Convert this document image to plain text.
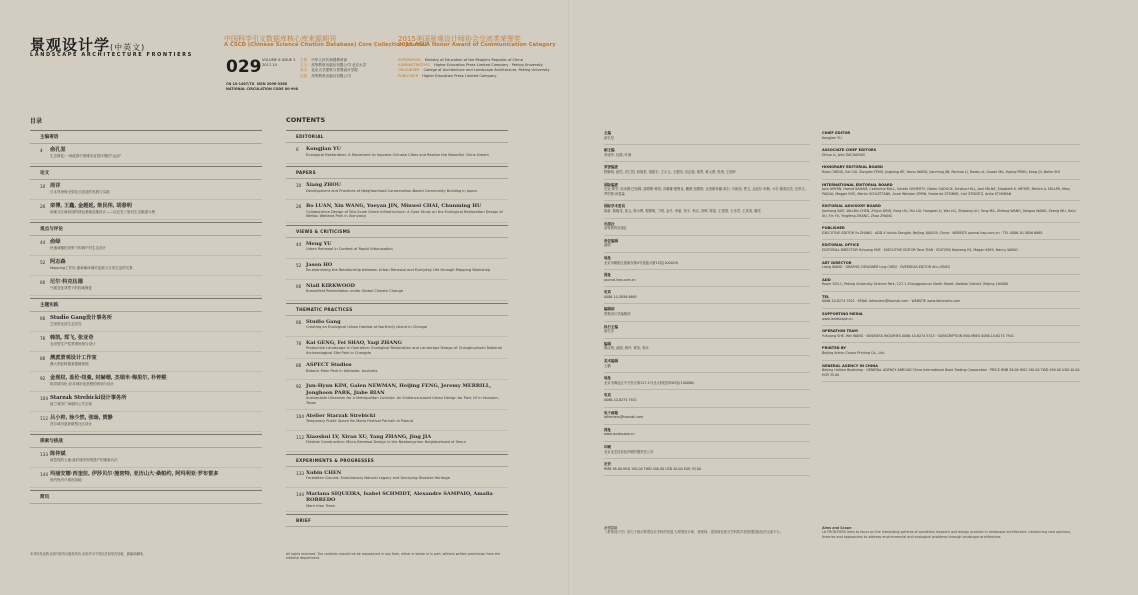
景观设计学(中英文)
LANDSCAPE ARCHITECTURE FRONTIERS
中国科学引文数据库核心库来源期刊
A CSCD (Chinese Science Citation Database) Core Collection Journal
2015美国景观设计师协会交流类荣誉奖
2015 ASLA Honor Award of Communication Category
029 VOLUME 6 ISSUE 5
2017.10
CN 10-1467/TU ISSN 2096-336X
NATIONAL CIRCULATION CODE 80-998
主管 中华人民共和国教育部
主办 高等教育出版社有限公司 北京大学
承办 北京大学建筑与景观设计学院
出版 高等教育出版社有限公司
SUPERVISOR Ministry of Education of the People's Republic of China
ADMINISTRATORS Higher Education Press Limited Company · Peking University
ORGANIZER College of Architecture and Landscape Architecture, Peking University
PUBLISHER Higher Education Press Limited Company
目录	CONTENTS
主编寄语
4 俞孔坚
生态修复:一场改善中国城市宜居环境的“运动”
论文
10 周详
日本邻里保全型社区营造的发展与实践
26 栾博, 王鑫, 金越延, 柴民伟, 胡春明
场地与区域协同的绿色基础设施设计——以迁安三里河生态廊道为例
观点与评论
44 俞绿
快速城镇化背景下的城中村生态设计
52 阿志森
Mapping工作坊:重新解读城市更新与日常生活的关系
60 尼尔·科克伍德
气候变化背景下的棕地修复
主题实践
66 Studio Gang设计事务所
芝加哥北部生态浮岛
76 韩凯, 郑飞, 张亚奇
农田型生产性景观规划与设计
86 澳派景观设计工作室
澳大利亚阿德莱德植物园
92 金现权, 盖伦·纽曼, 封赫珊, 杰瑞米·梅里尔, 朴钟熙
防洪城市化:应对城市化进程的规划与设计
104 Starzak Strebicki设计事务所
波兰城市广场临时公共空间
112 吕小帅, 徐少然, 张旸, 贾静
首尔城市更新微型社区设计
探索与挑战
133 陈仲斌
被忽视的土地:战后城市规划遗产的重新认识
144 玛丽安娜·西奎拉, 伊莎贝尔·施密特, 亚历山大·桑帕约, 阿玛利亚·罗布雷多
里约热内卢城市绿地
简讯
EDITORIAL
6 Kongjian YU
Ecological Restoration: A Movement to Improve Chinese Cities and Realize the Beautiful China Dream
PAPERS
10 Xiang ZHOU
Development and Practices of Neighborhood Conservation-Based Community Building in Japan
26 Bo LUAN, Xin WANG, Yueyan JIN, Minwei CHAI, Chunming HU
Collaborative Design of Site-Scale Green Infrastructure: A Case Study on the Ecological Restoration Design of Weitou Wetland Park in Xianyang
VIEWS & CRITICISMS
44 Meng YU
Urban Renewal in Context of Rapid Urbanization
52 Jason HO
Re-examining the Relationship between Urban Renewal and Everyday Life through Mapping Workshop
60 Niall KIRKWOOD
Brownfield Remediation under Global Climate Change
THEMATIC PRACTICES
66 Studio Gang
Creating an Ecological Urban Habitat at Northerly Island in Chicago
76 Kai GENG, Fei SHAO, Yaqi ZHANG
Productive Landscape in Operation: Ecological Restoration and Landscape Design of Changbuzhuan National Archaeological Site Park in Changde
86 ASPECT Studios
Botanic Main Park in Adelaide, Australia
92 Jun-Hyun KIM, Galen NEWMAN, Heijing FENG, Jeremy MERRILL, Jonghoon PARK, Jiabe BIAN
Sustainable Urbanism for a Metropolitan Corridor: An Evidence-based Urban Design for Park 10 in Houston, Texas
104 Atelier Starzak Strebicki
Temporary Public Space for Moria Festival Parnaih in Poland
112 Xiaoshui LV, Xiran XU, Yang ZHANG, Jing JIA
Flexible Construction: Micro-Renewal Design in the Naebangchon Neighborhood of Seoul
EXPERIMENTS & PROGRESSES
133 Xubin CHEN
Forbidden Ground: Evolutionary Natural Legacy and Decaying Disaster Heritage
144 Mariana SIQUEIRA, Isabel SCHMIDT, Alexandre SAMPAIO, Amalia ROBREDO
More than Trees
BRIEF
本刊所发表的全部内容均为版权所有,未经许可不得以任何形式转载、摘编或翻译。	All rights reserved. The contents should not be reproduced in any form, either in whole or in part, without written permission from the editorial department.
主编
俞孔坚
副主编
李迪华, 杜鹃, 叶静
荣誉编委
程辑明, 崔恺, 冯仁国, 何镜堂, 胡振宇, 王元元, 王建国, 吴志强, 邢菁, 黄大勇, 张庚, 王丽玲
国际编委
杰克·埃亨, 哈米德·巴哈姆, 詹姆斯·科纳, 苏珊娜·德鲁克, 戴维·加德纳, 克里斯蒂娜·希尔, 马凯西, 贾文, 迈克尔·米勒, 卡尔·施泰尼茨, 史蒂文, 罗伯特·汤普森
国际学术委员
陈新, 陈晓龙, 高云, 陈小辉, 程辑明, 丁明, 金冬, 李丽, 李宇, 李洁, 刘晖, 陈星, 王建国, 王彦君, 王其成, 谢虎
出版社
高等教育出版社
责任编辑
俞德
地址
北京市朝阳区惠新东街4号富盛大厦15层(100029)
网址
journal.hep.com.cn
电话
0086-10-5856 6665
编辑部
景观设计学编辑部
执行主编
俞孔坚
编辑
陈诗苑, 俞德, 黄玲, 黄英, 李庆
美术编辑
王鹏
地址
北京市海淀区中关村大街127-1号北大科技园303室(100080)
电话
0086-10-8274 7921
电子邮箱
lafronters@foxmail.com
网址
www.landscape.cn
印刷
北京圣艺佳彩色印刷有限责任公司
定价
RMB 58.00 HKD 190.00 TWD 490.00 USD 40.00 EUR 35.00
CHIEF EDITOR
Kongjian YU
ASSOCIATE CHIEF EDITORS
Dihua LI, John ZACHARIAS
HONORARY EDITORIAL BOARD
Rubo CHENG, Kai CUI, Zongren FENG, Jingtang HE, Yousu WANG, Jianming JIN, Renhua LI, Dadou LI, Guoan MA, Yuping PENG, Kang QI, Naihe SHI
INTERNATIONAL EDITORIAL BOARD
Jack AHERN, Hamid BAHAM, Catherine BULL, Gareth DOHERTY, Dieter GADOCK, Kristina HILL, Jack MILNE, Elizabeth K. MEYER, Patrick A. MILLER, Mary PADUA, Maggie ROE, Martin SCHLETTANK, Anne Whiston SPIRN, Frederick STEINER, Carl STEINITZ, Anita STOKMAN
EDITORIAL ADVISORY BOARD
Jianhong BAO, Wei-Bin CHEN, Zhijun DING, Fang LIU, Hui LIU, Hongwei LI, Wei LIU, Zhiqiang LIU, Tong MA, Zhifang WANG, Jianguo WANG, Zheng WU, Kaiyi XU, Yin YU, Yingfeng ZHANG, Zhao ZHANG
PUBLISHER
EXECUTIVE EDITOR Yu ZHANG · ADD 4 Huixin Dongjie, Beijing 100029, China · WEBSITE journal.hep.com.cn · TEL 0086-10-5856 6665
EDITORIAL OFFICE
EDITORIAL DIRECTOR Yuhuang SHE · EXECUTIVE EDITOR Tana TIAN · EDITORS Kaiwang YU, Megan KAYS, Nancy WANG
ART DIRECTOR
Liang WANG · GRAPHIC DESIGNER Ling CHEN · OVERSEAS EDITOR Ann JONES
ADD
Room 303-1, Peking University Science Park, 127-1 Zhongguancun North Street, Haidian District, Beijing 100080
TEL
0086-10-8274 7921 · EMAIL lafronters@foxmail.com · WEBSITE www.lafronters.com
SUPPORTING MEDIA
www.landscape.cn
OPERATION TEAM
Yuhuang SHE, Wei WANG · BUSINESS INQUIRIES 0086-10-6274 5315 · SUBSCRIPTION INQUIRIES 0086-10-6274 7941
PRINTED BY
Beijing Artron Colour Printing Co., Ltd.
GENERAL AGENCY IN CHINA
Beijing Haitian Bookshop · GENERAL AGENCY ABROAD China International Book Trading Corporation · PRICE RMB 58.00 HKD 190.00 TWD 490.00 USD 40.00 EUR 35.00
办刊宗旨
《景观设计学》致力于推动景观设计学科的发展,为景观设计师、规划师、建筑师及相关学科的学者搭建国际化的交流平台。
Aims and Scope
LA FRONTIERS aims to focus on the interesting spheres of academic research and design practice in landscape architecture, introducing new opinions, theories and approaches to address environmental and ecological problems through landscape architecture.
